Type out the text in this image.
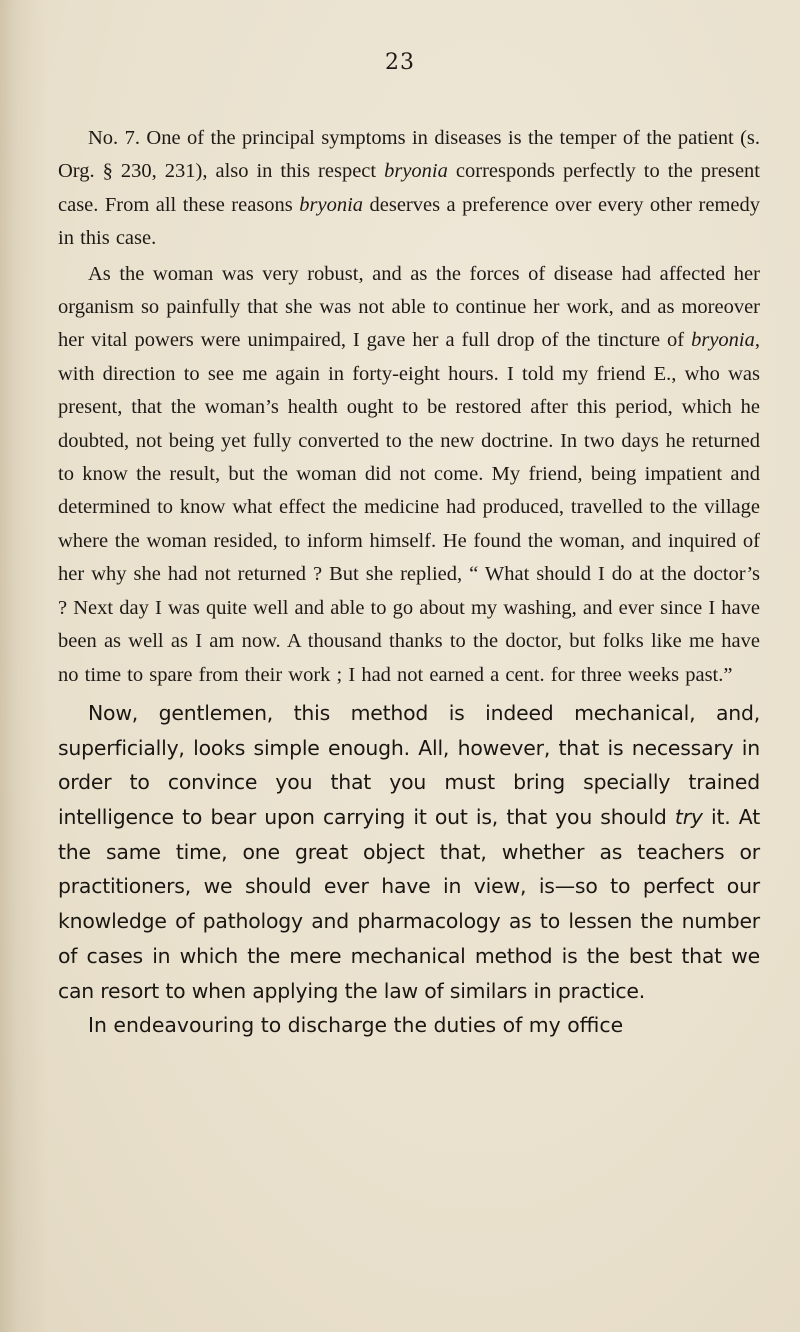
23

No. 7. One of the principal symptoms in diseases is the temper of the patient (s. Org. § 230, 231), also in this respect bryonia corresponds perfectly to the present case. From all these reasons bryonia deserves a preference over every other remedy in this case.

As the woman was very robust, and as the forces of disease had affected her organism so painfully that she was not able to continue her work, and as moreover her vital powers were unimpaired, I gave her a full drop of the tincture of bryonia, with direction to see me again in forty-eight hours. I told my friend E., who was present, that the woman’s health ought to be restored after this period, which he doubted, not being yet fully converted to the new doctrine. In two days he returned to know the result, but the woman did not come. My friend, being impatient and determined to know what effect the medicine had produced, travelled to the village where the woman resided, to inform himself. He found the woman, and inquired of her why she had not returned ? But she replied, “ What should I do at the doctor’s ? Next day I was quite well and able to go about my washing, and ever since I have been as well as I am now. A thousand thanks to the doctor, but folks like me have no time to spare from their work ; I had not earned a cent. for three weeks past.”

Now, gentlemen, this method is indeed mechanical, and, superficially, looks simple enough. All, however, that is necessary in order to convince you that you must bring specially trained intelligence to bear upon carrying it out is, that you should try it. At the same time, one great object that, whether as teachers or practitioners, we should ever have in view, is—so to perfect our knowledge of pathology and pharmacology as to lessen the number of cases in which the mere mechanical method is the best that we can resort to when applying the law of similars in practice.

In endeavouring to discharge the duties of my office
